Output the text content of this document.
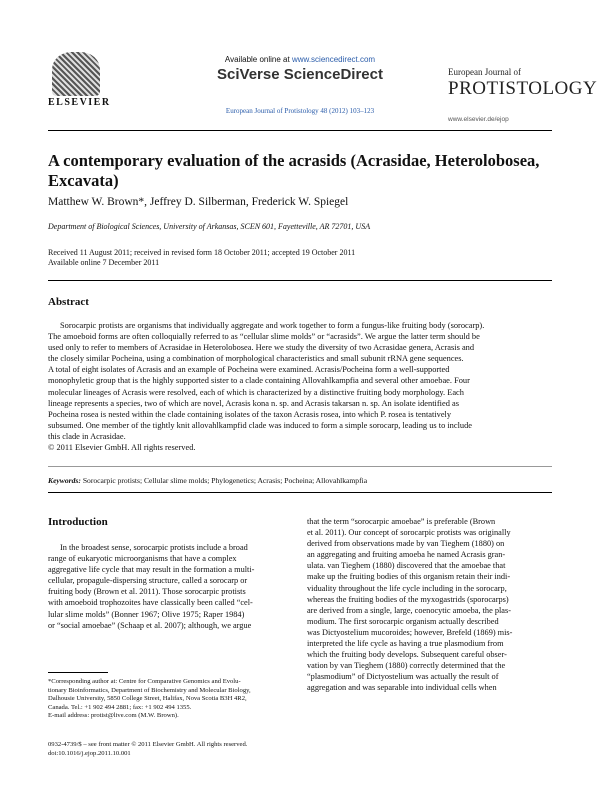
ELSEVIER
Available online at www.sciencedirect.com
SciVerse ScienceDirect
European Journal of Protistology 48 (2012) 103–123
European Journal of
PROTISTOLOGY
www.elsevier.de/ejop
A contemporary evaluation of the acrasids (Acrasidae, Heterolobosea,
Excavata)
Matthew W. Brown*, Jeffrey D. Silberman, Frederick W. Spiegel
Department of Biological Sciences, University of Arkansas, SCEN 601, Fayetteville, AR 72701, USA
Received 11 August 2011; received in revised form 18 October 2011; accepted 19 October 2011
Available online 7 December 2011
Abstract
Sorocarpic protists are organisms that individually aggregate and work together to form a fungus-like fruiting body (sorocarp).
The amoeboid forms are often colloquially referred to as “cellular slime molds” or “acrasids”. We argue the latter term should be
used only to refer to members of Acrasidae in Heterolobosea. Here we study the diversity of two Acrasidae genera, Acrasis and
the closely similar Pocheina, using a combination of morphological characteristics and small subunit rRNA gene sequences.
A total of eight isolates of Acrasis and an example of Pocheina were examined. Acrasis/Pocheina form a well-supported
monophyletic group that is the highly supported sister to a clade containing Allovahlkampfia and several other amoebae. Four
molecular lineages of Acrasis were resolved, each of which is characterized by a distinctive fruiting body morphology. Each
lineage represents a species, two of which are novel, Acrasis kona n. sp. and Acrasis takarsan n. sp. An isolate identified as
Pocheina rosea is nested within the clade containing isolates of the taxon Acrasis rosea, into which P. rosea is tentatively
subsumed. One member of the tightly knit allovahlkampfid clade was induced to form a simple sorocarp, leading us to include
this clade in Acrasidae.
© 2011 Elsevier GmbH. All rights reserved.
Keywords: Sorocarpic protists; Cellular slime molds; Phylogenetics; Acrasis; Pocheina; Allovahlkampfia
Introduction
In the broadest sense, sorocarpic protists include a broad
range of eukaryotic microorganisms that have a complex
aggregative life cycle that may result in the formation a multi-
cellular, propagule-dispersing structure, called a sorocarp or
fruiting body (Brown et al. 2011). Those sorocarpic protists
with amoeboid trophozoites have classically been called “cel-
lular slime molds” (Bonner 1967; Olive 1975; Raper 1984)
or “social amoebae” (Schaap et al. 2007); although, we argue
that the term “sorocarpic amoebae” is preferable (Brown
et al. 2011). Our concept of sorocarpic protists was originally
derived from observations made by van Tieghem (1880) on
an aggregating and fruiting amoeba he named Acrasis gran-
ulata. van Tieghem (1880) discovered that the amoebae that
make up the fruiting bodies of this organism retain their indi-
viduality throughout the life cycle including in the sorocarp,
whereas the fruiting bodies of the myxogastrids (sporocarps)
are derived from a single, large, coenocytic amoeba, the plas-
modium. The first sorocarpic organism actually described
was Dictyostelium mucoroides; however, Brefeld (1869) mis-
interpreted the life cycle as having a true plasmodium from
which the fruiting body develops. Subsequent careful obser-
vation by van Tieghem (1880) correctly determined that the
“plasmodium” of Dictyostelium was actually the result of
aggregation and was separable into individual cells when
*Corresponding author at: Centre for Comparative Genomics and Evolu-
tionary Bioinformatics, Department of Biochemistry and Molecular Biology,
Dalhousie University, 5850 College Street, Halifax, Nova Scotia B3H 4R2,
Canada. Tel.: +1 902 494 2881; fax: +1 902 494 1355.
E-mail address: protist@live.com (M.W. Brown).
0932-4739/$ – see front matter © 2011 Elsevier GmbH. All rights reserved.
doi:10.1016/j.ejop.2011.10.001
